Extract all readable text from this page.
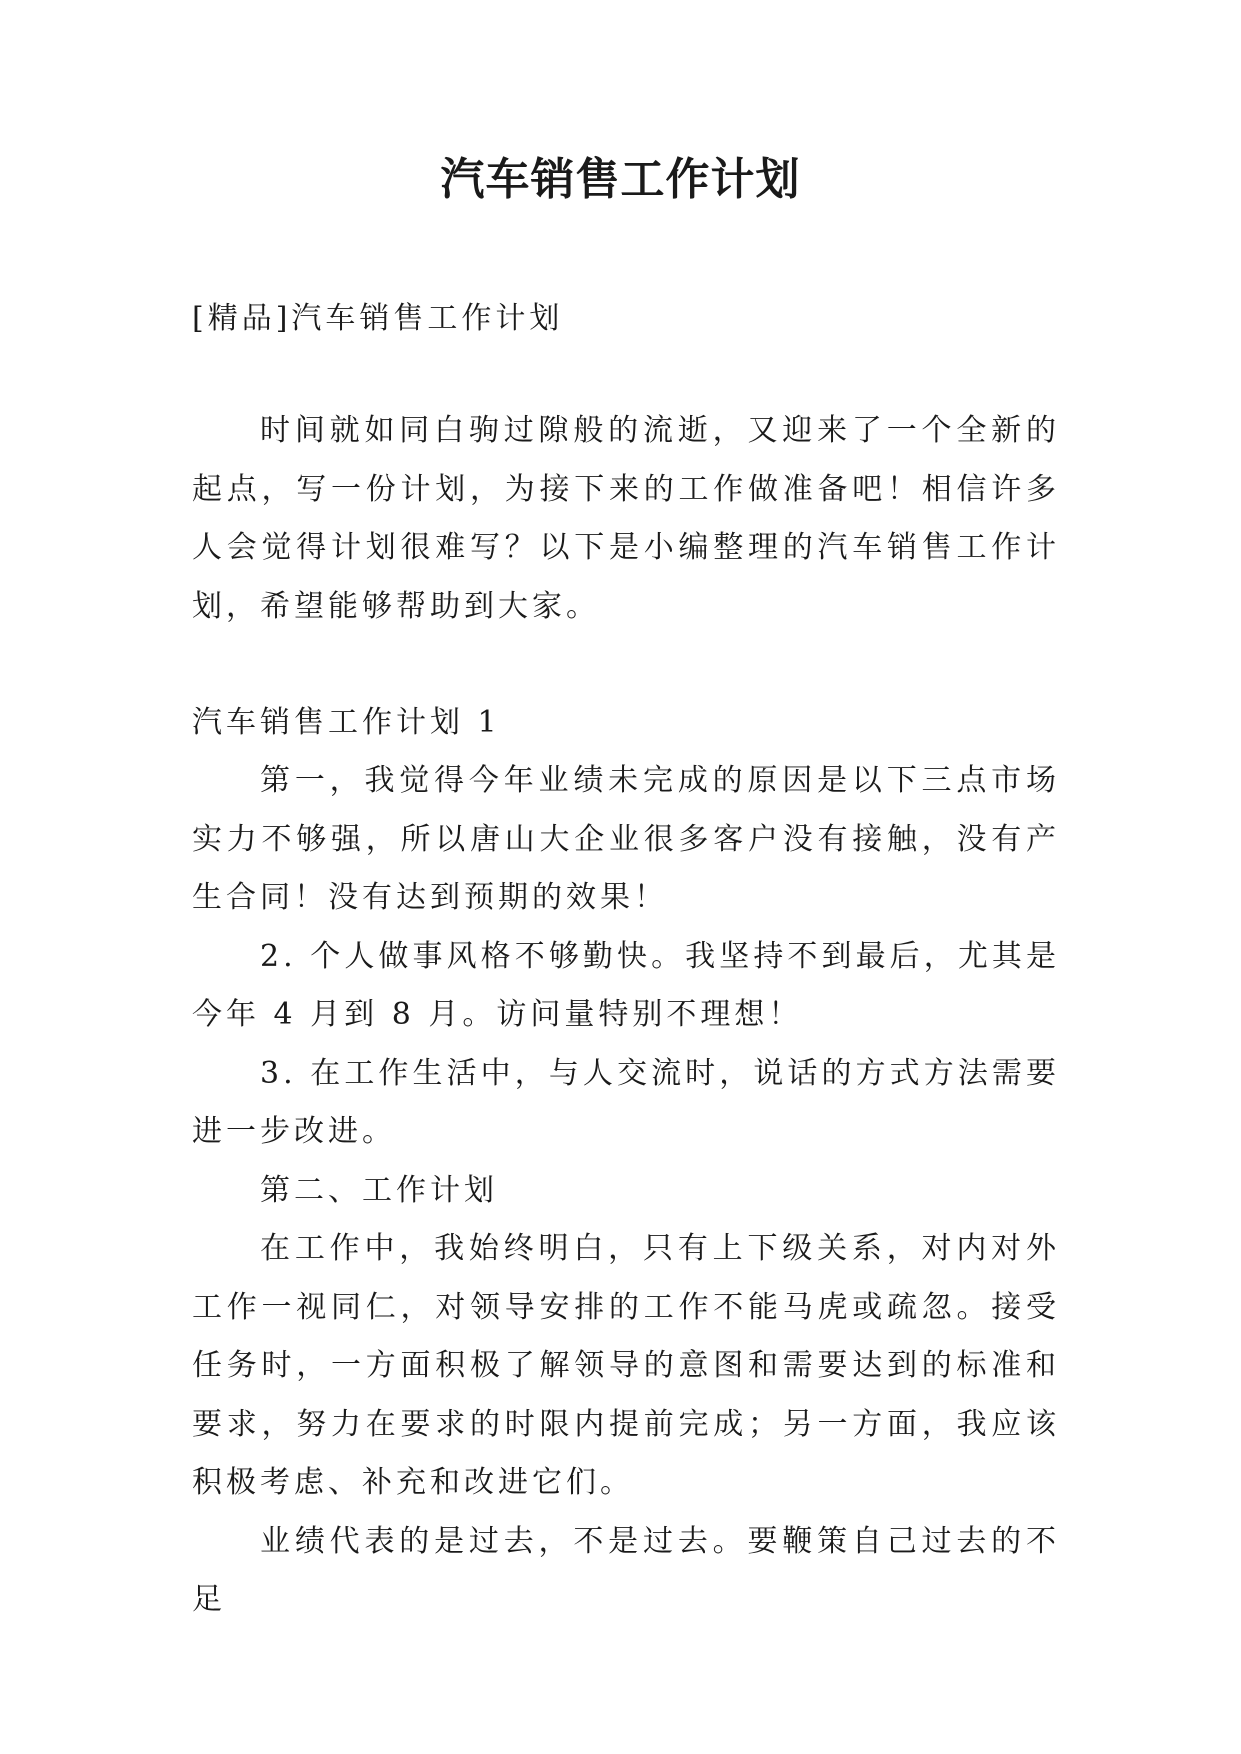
汽车销售工作计划

[精品]汽车销售工作计划

时间就如同白驹过隙般的流逝，又迎来了一个全新的起点，写一份计划，为接下来的工作做准备吧！相信许多人会觉得计划很难写？以下是小编整理的汽车销售工作计划，希望能够帮助到大家。

汽车销售工作计划 1

第一，我觉得今年业绩未完成的原因是以下三点市场实力不够强，所以唐山大企业很多客户没有接触，没有产生合同！没有达到预期的效果！

2. 个人做事风格不够勤快。我坚持不到最后，尤其是今年 4 月到 8 月。访问量特别不理想！

3. 在工作生活中，与人交流时，说话的方式方法需要进一步改进。

第二、工作计划

在工作中，我始终明白，只有上下级关系，对内对外工作一视同仁，对领导安排的工作不能马虎或疏忽。接受任务时，一方面积极了解领导的意图和需要达到的标准和要求，努力在要求的时限内提前完成；另一方面，我应该积极考虑、补充和改进它们。

业绩代表的是过去，不是过去。要鞭策自己过去的不足
